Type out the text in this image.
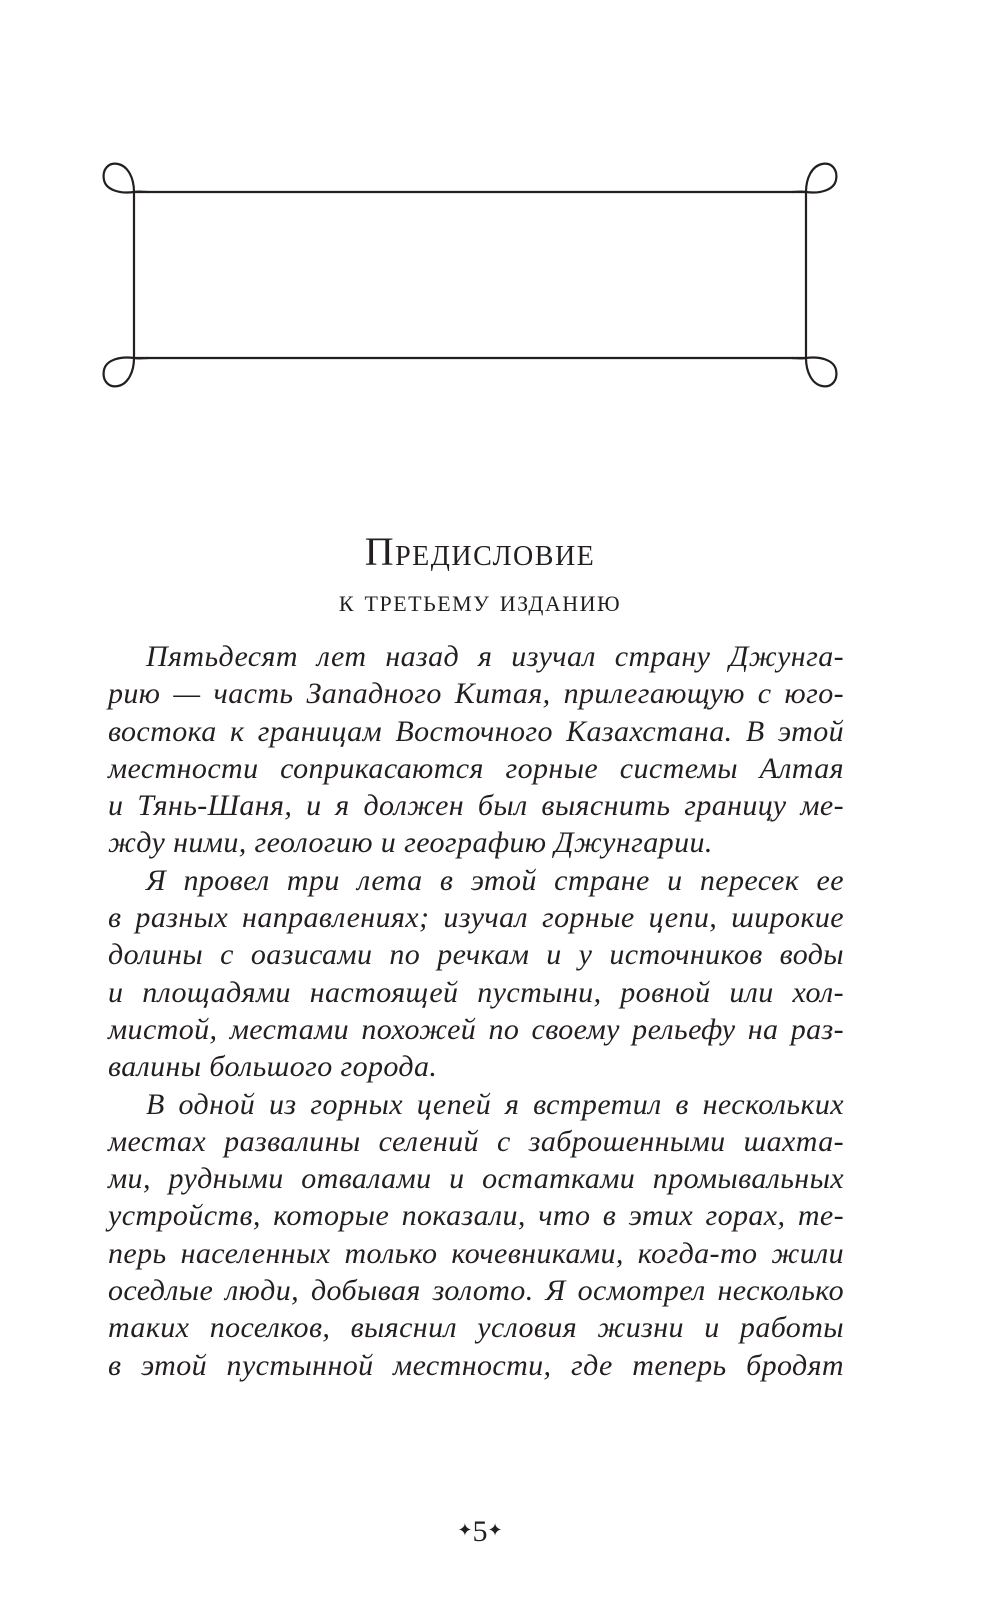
Предисловие
к третьему изданию
Пятьдесят лет назад я изучал страну Джунга-
рию — часть Западного Китая, прилегающую с юго-
востока к границам Восточного Казахстана. В этой
местности соприкасаются горные системы Алтая
и Тянь-Шаня, и я должен был выяснить границу ме-
жду ними, геологию и географию Джунгарии.
Я провел три лета в этой стране и пересек ее
в разных направлениях; изучал горные цепи, широкие
долины с оазисами по речкам и у источников воды
и площадями настоящей пустыни, ровной или хол-
мистой, местами похожей по своему рельефу на раз-
валины большого города.
В одной из горных цепей я встретил в нескольких
местах развалины селений с заброшенными шахта-
ми, рудными отвалами и остатками промывальных
устройств, которые показали, что в этих горах, те-
перь населенных только кочевниками, когда-то жили
оседлые люди, добывая золото. Я осмотрел несколько
таких поселков, выяснил условия жизни и работы
в этой пустынной местности, где теперь бродят
✦5✦
